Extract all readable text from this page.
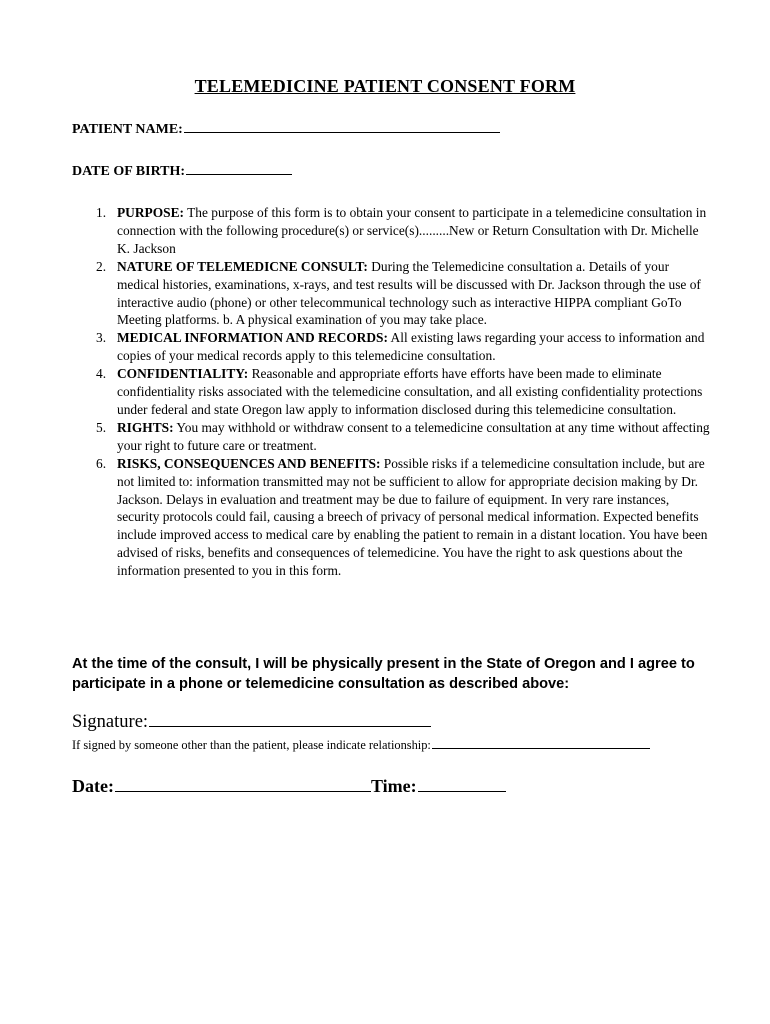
TELEMEDICINE PATIENT CONSENT FORM
PATIENT NAME:
DATE OF BIRTH:
1. PURPOSE: The purpose of this form is to obtain your consent to participate in a telemedicine consultation in connection with the following procedure(s) or service(s).........New or Return Consultation with Dr. Michelle K. Jackson
2. NATURE OF TELEMEDICNE CONSULT: During the Telemedicine consultation a. Details of your medical histories, examinations, x-rays, and test results will be discussed with Dr. Jackson through the use of interactive audio (phone) or other telecommunical technology such as interactive HIPPA compliant GoTo Meeting platforms. b. A physical examination of you may take place.
3. MEDICAL INFORMATION AND RECORDS: All existing laws regarding your access to information and copies of your medical records apply to this telemedicine consultation.
4. CONFIDENTIALITY: Reasonable and appropriate efforts have efforts have been made to eliminate confidentiality risks associated with the telemedicine consultation, and all existing confidentiality protections under federal and state Oregon law apply to information disclosed during this telemedicine consultation.
5. RIGHTS: You may withhold or withdraw consent to a telemedicine consultation at any time without affecting your right to future care or treatment.
6. RISKS, CONSEQUENCES AND BENEFITS: Possible risks if a telemedicine consultation include, but are not limited to: information transmitted may not be sufficient to allow for appropriate decision making by Dr. Jackson. Delays in evaluation and treatment may be due to failure of equipment. In very rare instances, security protocols could fail, causing a breech of privacy of personal medical information. Expected benefits include improved access to medical care by enabling the patient to remain in a distant location. You have been advised of risks, benefits and consequences of telemedicine. You have the right to ask questions about the information presented to you in this form.
At the time of the consult, I will be physically present in the State of Oregon and I agree to participate in a phone or telemedicine consultation as described above:
Signature:
If signed by someone other than the patient, please indicate relationship:
Date:	Time:
